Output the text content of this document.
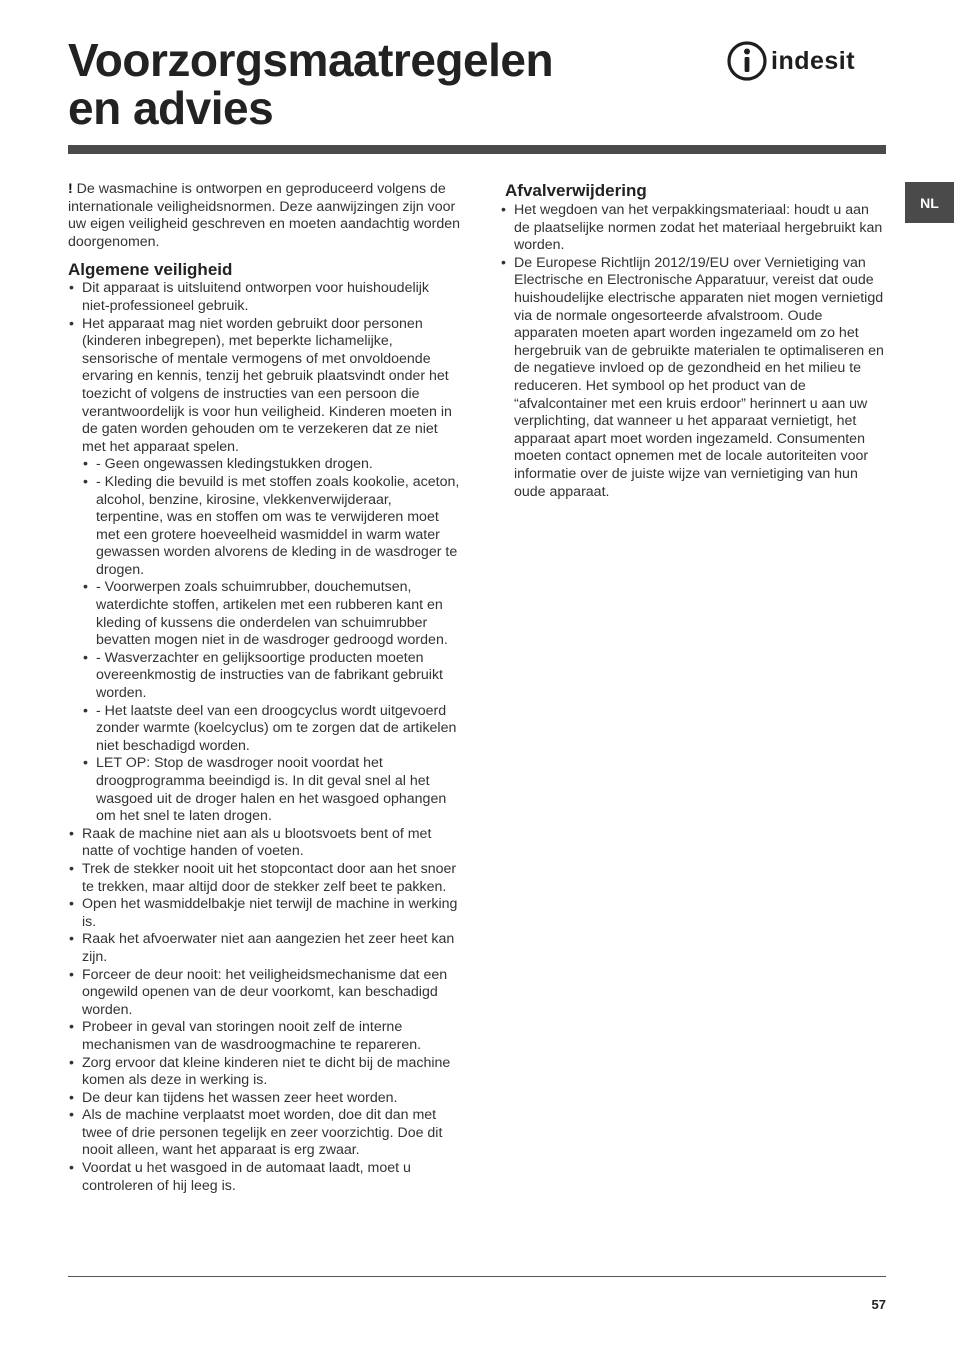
Voorzorgsmaatregelen
en advies
indesit
NL

! De wasmachine is ontworpen en geproduceerd volgens de internationale veiligheidsnormen. Deze aanwijzingen zijn voor uw eigen veiligheid geschreven en moeten aandachtig worden doorgenomen.

Algemene veiligheid
• Dit apparaat is uitsluitend ontworpen voor huishoudelijk niet-professioneel gebruik.
• Het apparaat mag niet worden gebruikt door personen (kinderen inbegrepen), met beperkte lichamelijke, sensorische of mentale vermogens of met onvoldoende ervaring en kennis, tenzij het gebruik plaatsvindt onder het toezicht of volgens de instructies van een persoon die verantwoordelijk is voor hun veiligheid. Kinderen moeten in de gaten worden gehouden om te verzekeren dat ze niet met het apparaat spelen.
• - Geen ongewassen kledingstukken drogen.
• - Kleding die bevuild is met stoffen zoals kookolie, aceton, alcohol, benzine, kirosine, vlekkenverwijderaar, terpentine, was en stoffen om was te verwijderen moet met een grotere hoeveelheid wasmiddel in warm water gewassen worden alvorens de kleding in de wasdroger te drogen.
• - Voorwerpen zoals schuimrubber, douchemutsen, waterdichte stoffen, artikelen met een rubberen kant en kleding of kussens die onderdelen van schuimrubber bevatten mogen niet in de wasdroger gedroogd worden.
• - Wasverzachter en gelijksoortige producten moeten overeenkmostig de instructies van de fabrikant gebruikt worden.
• - Het laatste deel van een droogcyclus wordt uitgevoerd zonder warmte (koelcyclus) om te zorgen dat de artikelen niet beschadigd worden.
• LET OP: Stop de wasdroger nooit voordat het droogprogramma beeindigd is. In dit geval snel al het wasgoed uit de droger halen en het wasgoed ophangen om het snel te laten drogen.
• Raak de machine niet aan als u blootsvoets bent of met natte of vochtige handen of voeten.
• Trek de stekker nooit uit het stopcontact door aan het snoer te trekken, maar altijd door de stekker zelf beet te pakken.
• Open het wasmiddelbakje niet terwijl de machine in werking is.
• Raak het afvoerwater niet aan aangezien het zeer heet kan zijn.
• Forceer de deur nooit: het veiligheidsmechanisme dat een ongewild openen van de deur voorkomt, kan beschadigd worden.
• Probeer in geval van storingen nooit zelf de interne mechanismen van de wasdroogmachine te repareren.
• Zorg ervoor dat kleine kinderen niet te dicht bij de machine komen als deze in werking is.
• De deur kan tijdens het wassen zeer heet worden.
• Als de machine verplaatst moet worden, doe dit dan met twee of drie personen tegelijk en zeer voorzichtig. Doe dit nooit alleen, want het apparaat is erg zwaar.
• Voordat u het wasgoed in de automaat laadt, moet u controleren of hij leeg is.
Afvalverwijdering
• Het wegdoen van het verpakkingsmateriaal: houdt u aan de plaatselijke normen zodat het materiaal hergebruikt kan worden.
• De Europese Richtlijn 2012/19/EU over Vernietiging van Electrische en Electronische Apparatuur, vereist dat oude huishoudelijke electrische apparaten niet mogen vernietigd via de normale ongesorteerde afvalstroom. Oude apparaten moeten apart worden ingezameld om zo het hergebruik van de gebruikte materialen te optimaliseren en de negatieve invloed op de gezondheid en het milieu te reduceren. Het symbool op het product van de “afvalcontainer met een kruis erdoor” herinnert u aan uw verplichting, dat wanneer u het apparaat vernietigt, het apparaat apart moet worden ingezameld. Consumenten moeten contact opnemen met de locale autoriteiten voor informatie over de juiste wijze van vernietiging van hun oude apparaat.
57
